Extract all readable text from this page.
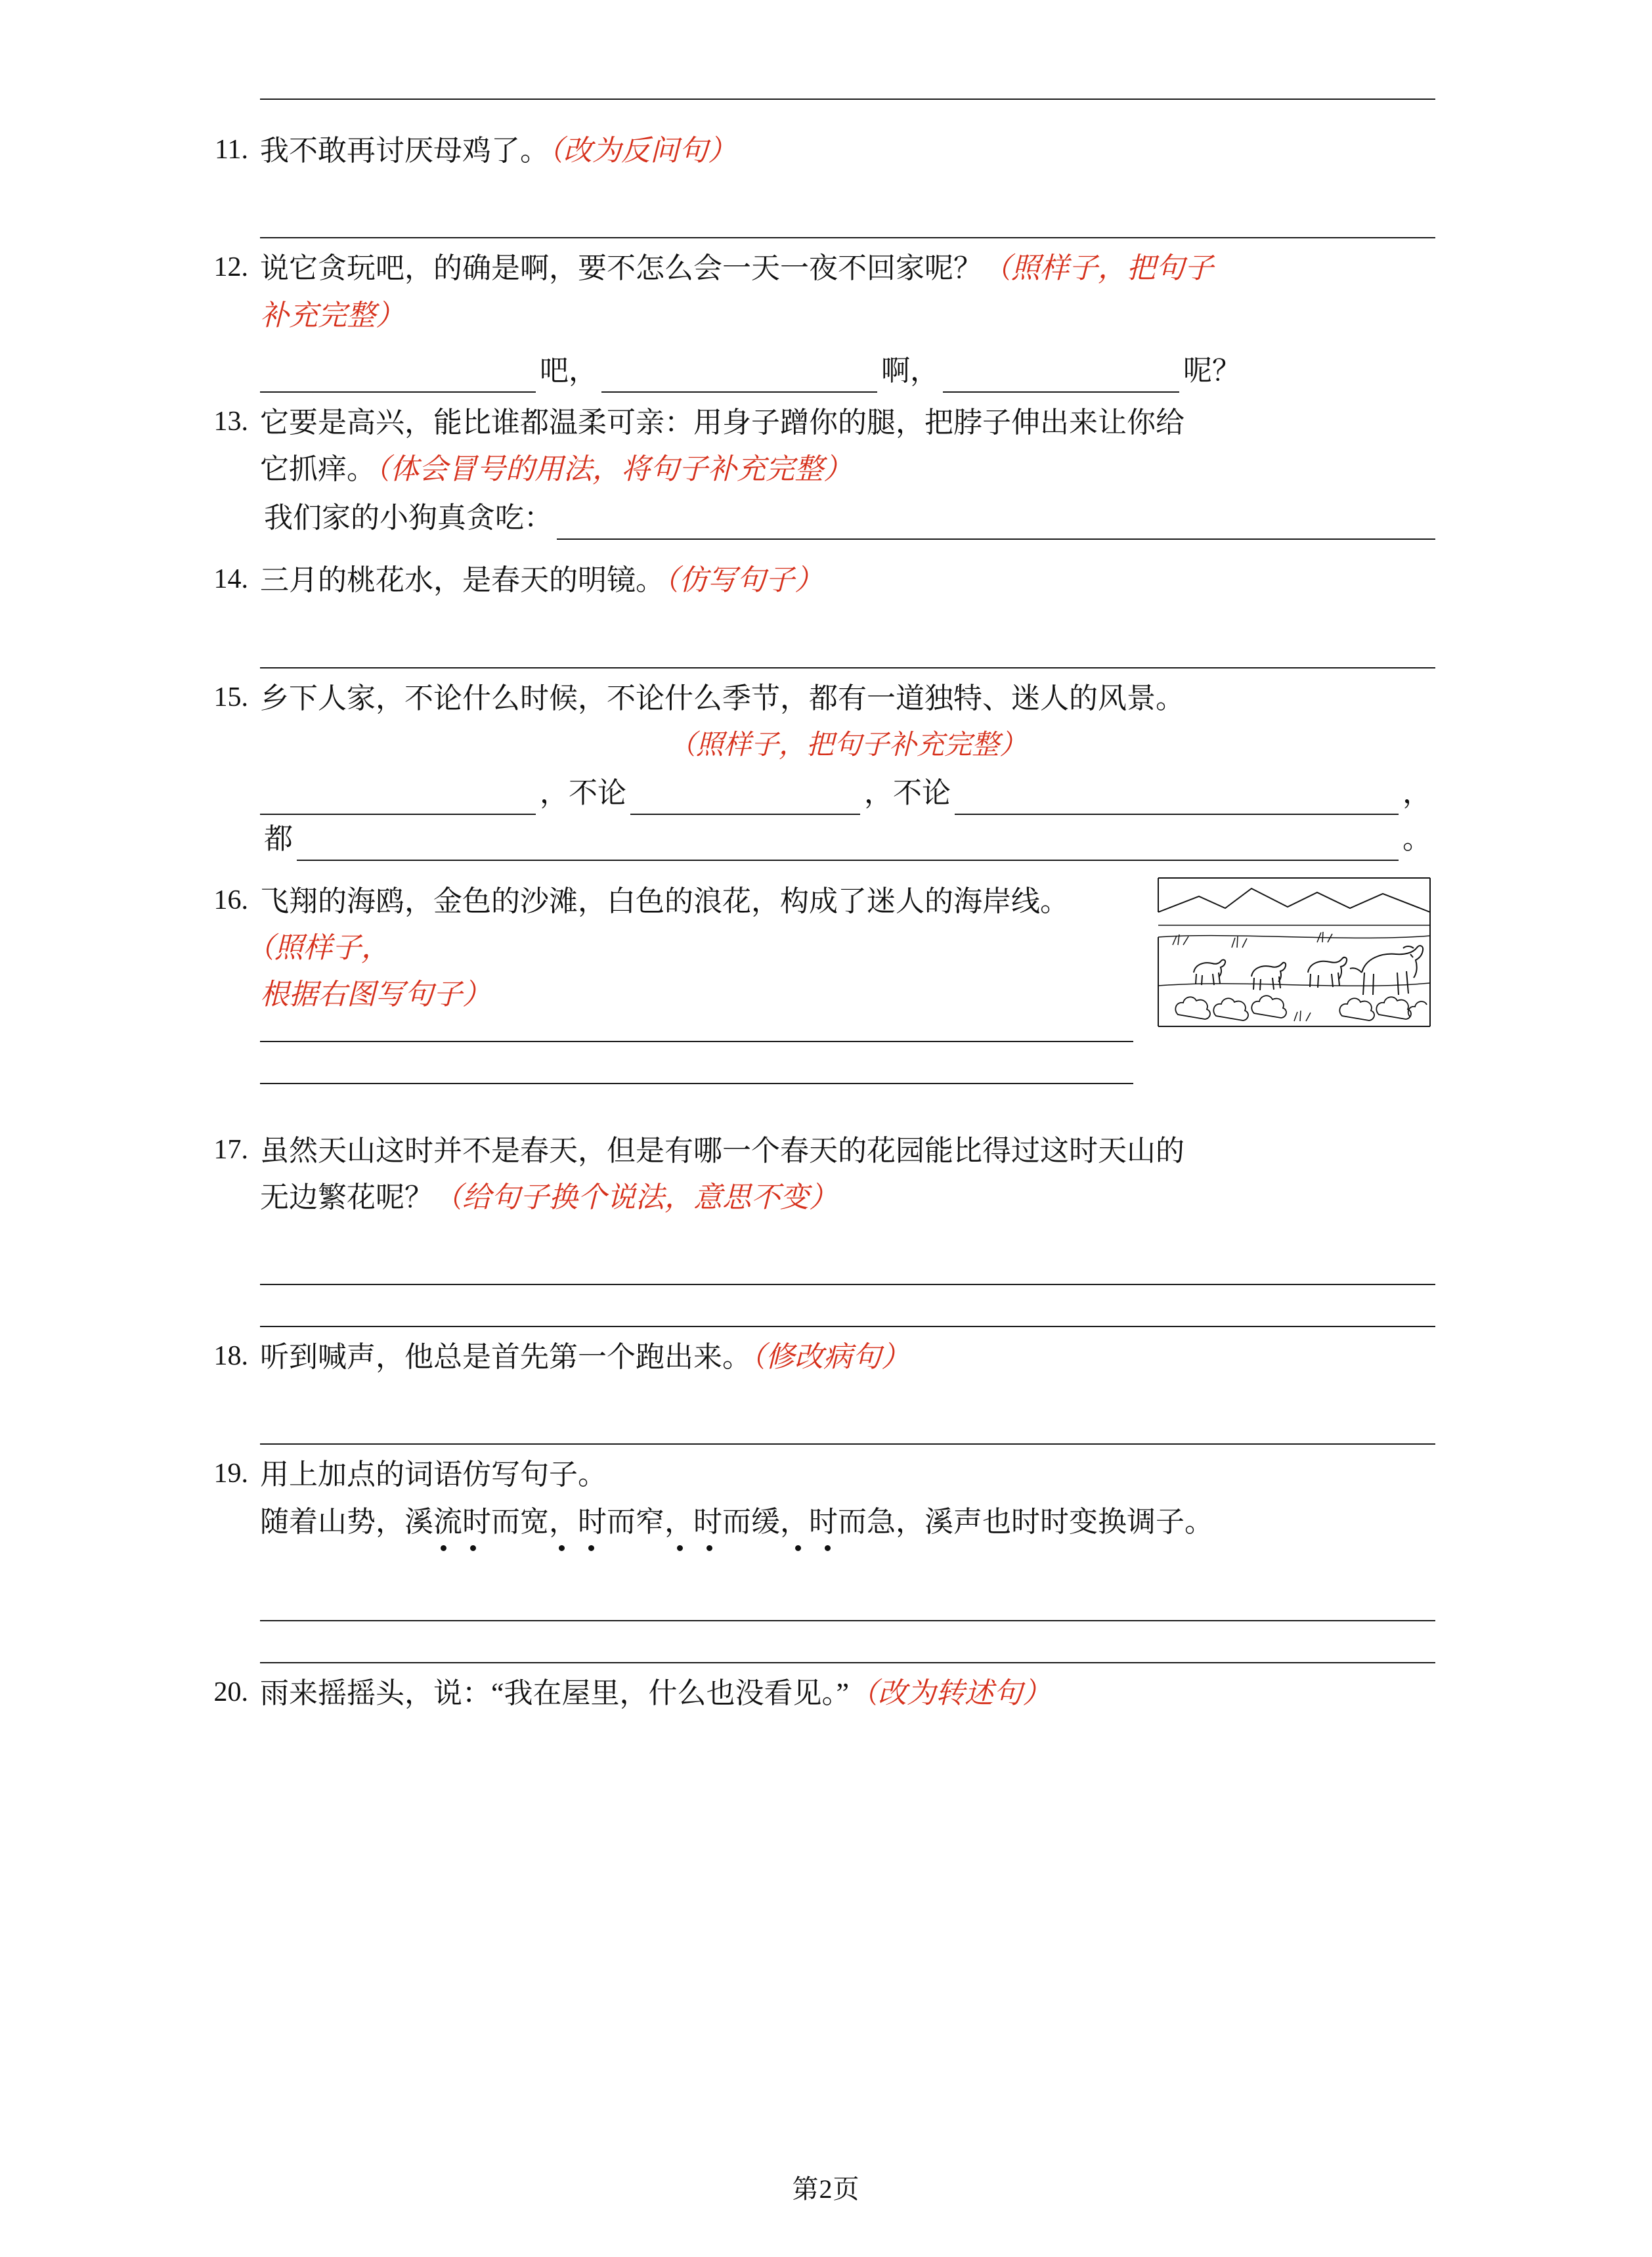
11. 我不敢再讨厌母鸡了。（改为反问句）
12. 说它贪玩吧，的确是啊，要不怎么会一天一夜不回家呢？（照样子，把句子
补充完整）
吧，	啊，	呢？
13. 它要是高兴，能比谁都温柔可亲：用身子蹭你的腿，把脖子伸出来让你给
它抓痒。（体会冒号的用法，将句子补充完整）
我们家的小狗真贪吃：
14. 三月的桃花水，是春天的明镜。（仿写句子）
15. 乡下人家，不论什么时候，不论什么季节，都有一道独特、迷人的风景。
（照样子，把句子补充完整）
，不论	，不论	，
都	。
16. 飞翔的海鸥，金色的沙滩，白色的浪花，构成了迷人的海岸线。（照样子，
根据右图写句子）
17. 虽然天山这时并不是春天，但是有哪一个春天的花园能比得过这时天山的
无边繁花呢？（给句子换个说法，意思不变）
18. 听到喊声，他总是首先第一个跑出来。（修改病句）
19. 用上加点的词语仿写句子。
随着山势，溪流时而宽，时而窄，时而缓，时而急，溪声也时时变换调子。
20. 雨来摇摇头，说：“我在屋里，什么也没看见。”（改为转述句）
第2页
